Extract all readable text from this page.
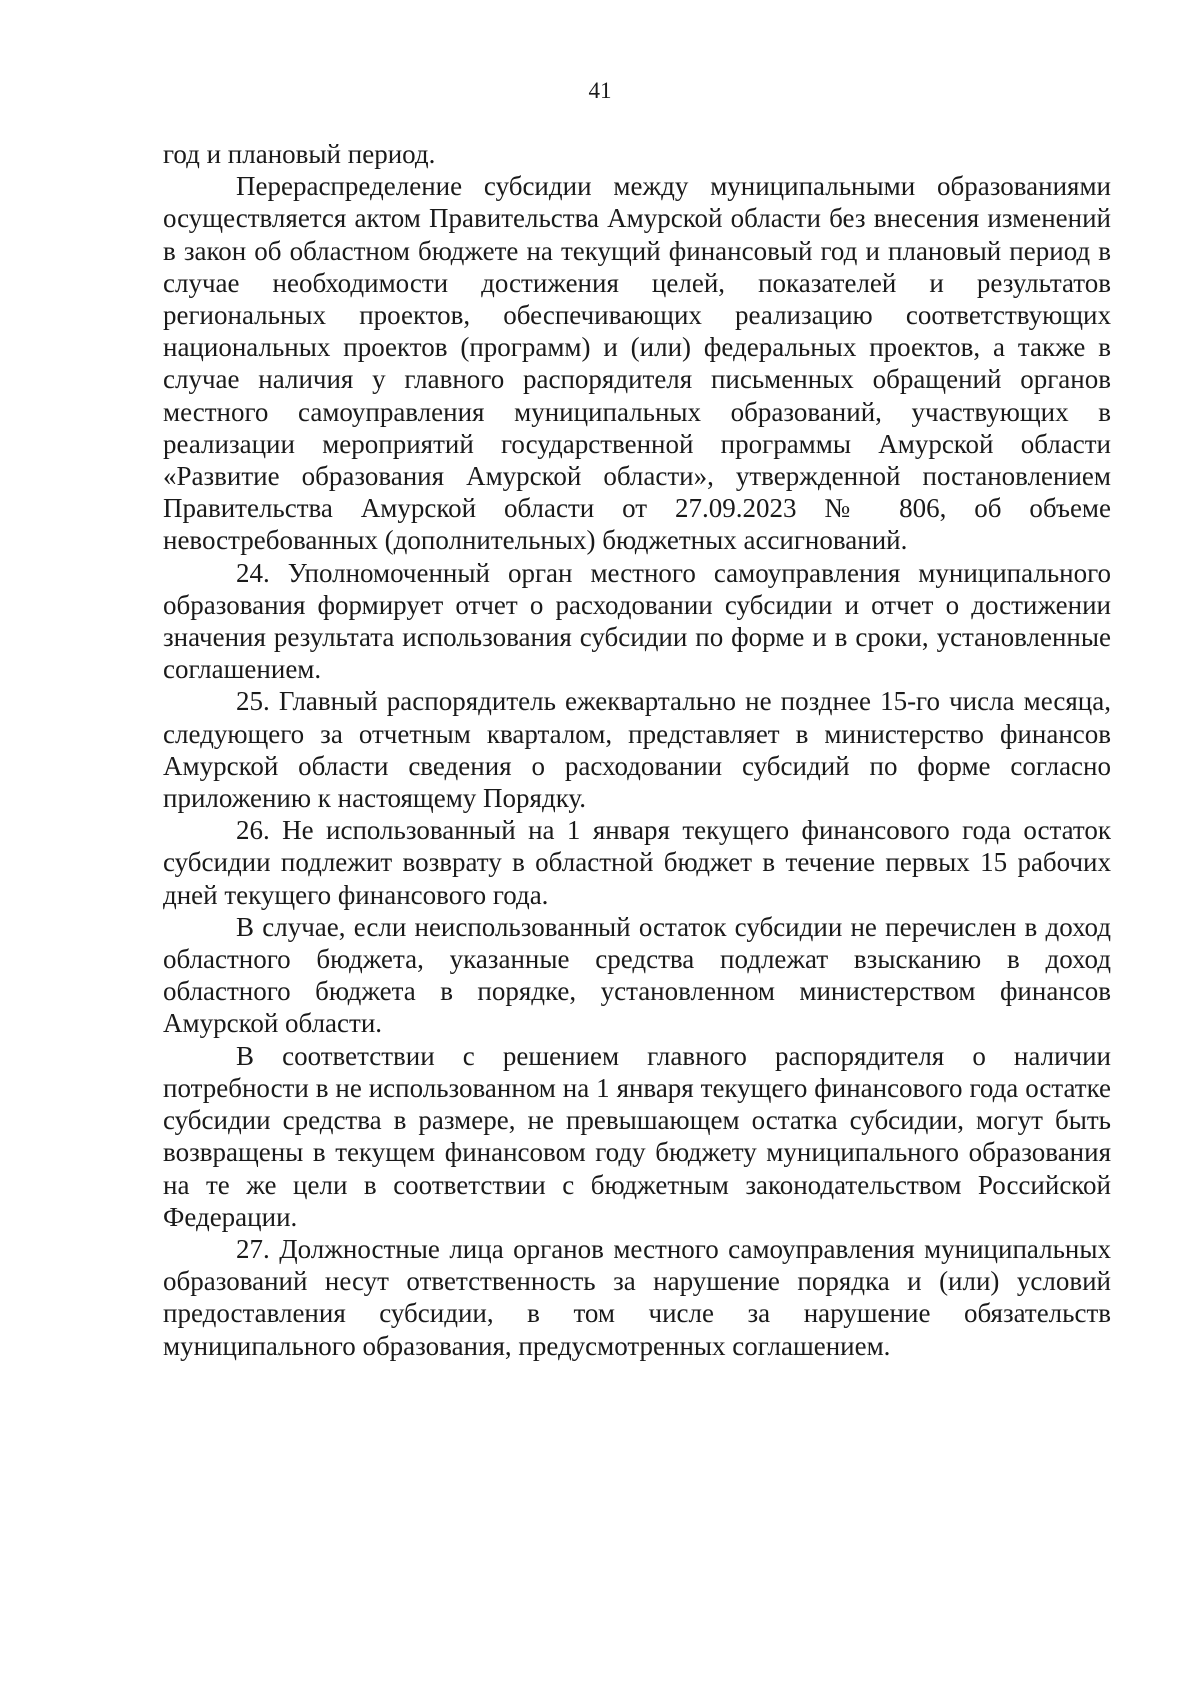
41

год и плановый период.

Перераспределение субсидии между муниципальными образованиями осуществляется актом Правительства Амурской области без внесения изменений в закон об областном бюджете на текущий финансовый год и плановый период в случае необходимости достижения целей, показателей и результатов региональных проектов, обеспечивающих реализацию соответствующих национальных проектов (программ) и (или) федеральных проектов, а также в случае наличия у главного распорядителя письменных обращений органов местного самоуправления муниципальных образований, участвующих в реализации мероприятий государственной программы Амурской области «Развитие образования Амурской области», утвержденной постановлением Правительства Амурской области от 27.09.2023 № 806, об объеме невостребованных (дополнительных) бюджетных ассигнований.

24. Уполномоченный орган местного самоуправления муниципального образования формирует отчет о расходовании субсидии и отчет о достижении значения результата использования субсидии по форме и в сроки, установленные соглашением.

25. Главный распорядитель ежеквартально не позднее 15-го числа месяца, следующего за отчетным кварталом, представляет в министерство финансов Амурской области сведения о расходовании субсидий по форме согласно приложению к настоящему Порядку.

26. Не использованный на 1 января текущего финансового года остаток субсидии подлежит возврату в областной бюджет в течение первых 15 рабочих дней текущего финансового года.

В случае, если неиспользованный остаток субсидии не перечислен в доход областного бюджета, указанные средства подлежат взысканию в доход областного бюджета в порядке, установленном министерством финансов Амурской области.

В соответствии с решением главного распорядителя о наличии потребности в не использованном на 1 января текущего финансового года остатке субсидии средства в размере, не превышающем остатка субсидии, могут быть возвращены в текущем финансовом году бюджету муниципального образования на те же цели в соответствии с бюджетным законодательством Российской Федерации.

27. Должностные лица органов местного самоуправления муниципальных образований несут ответственность за нарушение порядка и (или) условий предоставления субсидии, в том числе за нарушение обязательств муниципального образования, предусмотренных соглашением.
